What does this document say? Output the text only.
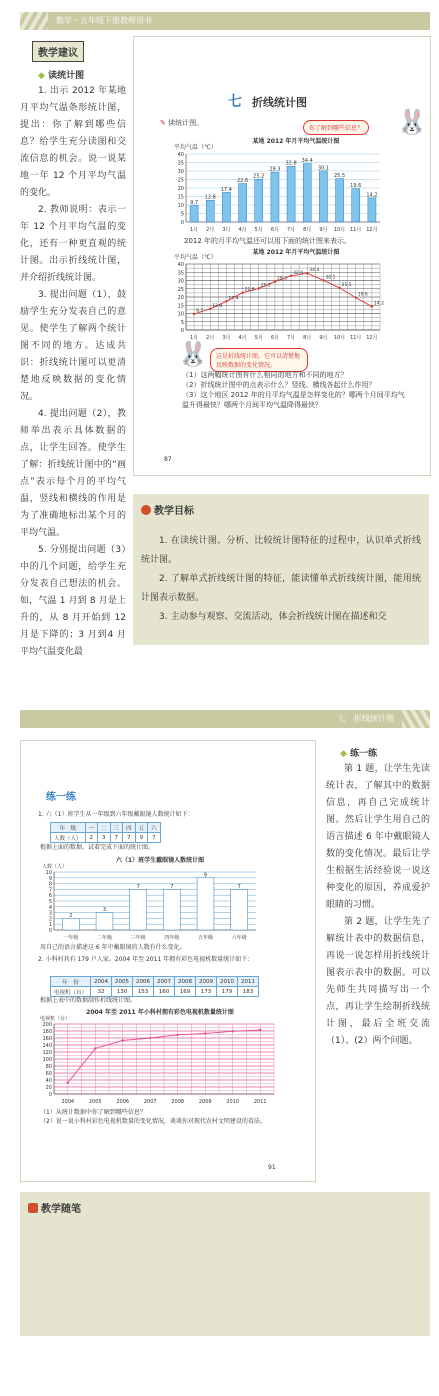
数学・五年级下册教师用书
教学建议
◆ 读统计图
1. 出示 2012 年某地月平均气温条形统计图，提出：你了解到哪些信息？给学生充分读图和交流信息的机会。说一说某地一年 12 个月平均气温的变化。
2. 教师说明：表示一年 12 个月平均气温的变化，还有一种更直观的统计图。出示折线统计图，并介绍折线统计图。
3. 提出问题（1），鼓励学生充分发表自己的意见。使学生了解两个统计图不同的地方。达成共识：折线统计图可以更清楚地反映数据的变化情况。
4. 提出问题（2），教师举出表示具体数据的点，让学生回答。使学生了解：折线统计图中的“画点”表示每个月的平均气温，竖线和横线的作用是为了准确地标出某个月的平均气温。
5. 分别提出问题（3）中的几个问题，给学生充分发表自己想法的机会。如，气温 1 月到 8 月是上升的，从 8 月开始到 12 月是下降的；3 月到4 月平均气温变化最
七 折线统计图
✎ 读统计图。
你了解到哪些信息？ 🐰
某地 2012 年月平均气温统计图
平均气温（℃）
0
5
10
15
20
25
30
35
40
1月 2月 3月 4月 5月 6月 7月 8月 9月 10月 11月 12月
9.7
12.8
17.4
22.6
25.2
29.3
32.8 34.4
30.1
25.5
19.6
14.2
2012 年的月平均气温还可以用下面的统计图来表示。
某地 2012 年月平均气温统计图
平均气温（℃）
0
5
10
15
20
25
30
35
40
1月 2月 3月 4月 5月 6月 7月 8月 9月 10月 11月 12月
9.7
12.8
17.4
22.6
25.2
29.3
32.8
34.4
30.1
25.5
19.6
14.2
🐰	这是折线统计图，它可以清楚地反映数据的变化情况。
（1）这两幅统计图有什么相同的地方和不同的地方？
（2）折线统计图中的点表示什么？竖线、横线各起什么作用？
（3）这个地区 2012 年的月平均气温是怎样变化的？哪两个月间平均气温升得最快？哪两个月间平均气温降得最快？
87
教学目标

1. 在读统计图、分析、比较统计图特征的过程中，认识单式折线统计图。

2. 了解单式折线统计图的特征，能读懂单式折线统计图，能用统计图表示数据。

3. 主动参与观察、交流活动，体会折线统计图在描述和交

七　折线统计图
练一练
1. 六（1）班学生从一年级到六年级戴眼镜人数统计如下：
年　级	一	二	三	四	五	六
人数（人）	2	3	7	7	9	7
根据上面的数据，试着完成下面的统计图。
六（1）班学生戴眼镜人数统计图
人数（人）
0
1
2
3
4
5
6
7
8
9
10
一年级	二年级	三年级	四年级	五年级	六年级
2
3
7	7
9
7
用自己的语言描述这 6 年中戴眼镜的人数有什么变化。
2. 小科村共有 179 户人家。2004 年至 2011 年拥有彩色电视机数量统计如下：
年　份	2004	2005	2006	2007	2008	2009	2010	2011
电视机（台）	32	130	153	160	169	173	179	183
根据上表中的数据制作折线统计图。
2004 年至 2011 年小科村拥有彩色电视机数量统计图
电视机（台）
0
20
40
60
80
100
120
140
160
180
200
2004	2005	2006	2007	2008	2009	2010	2011
（1）从统计数据中你了解到哪些信息？
（2）说一说小科村彩色电视机数量的变化情况，谈谈你对现代农村文明建设的看法。
91
◆ 练一练
第 1 题，让学生先读统计表，了解其中的数据信息，再自己完成统计图。然后让学生用自己的语言描述 6 年中戴眼镜人数的变化情况。最后让学生根据生活经验说一说这种变化的原因，养成爱护眼睛的习惯。
第 2 题，让学生先了解统计表中的数据信息，再说一说怎样用折线统计图表示表中的数据。可以先师生共同描写出一个点，再让学生绘制折线统计图，最后全班交流（1）、(2）两个问题。
教学随笔
